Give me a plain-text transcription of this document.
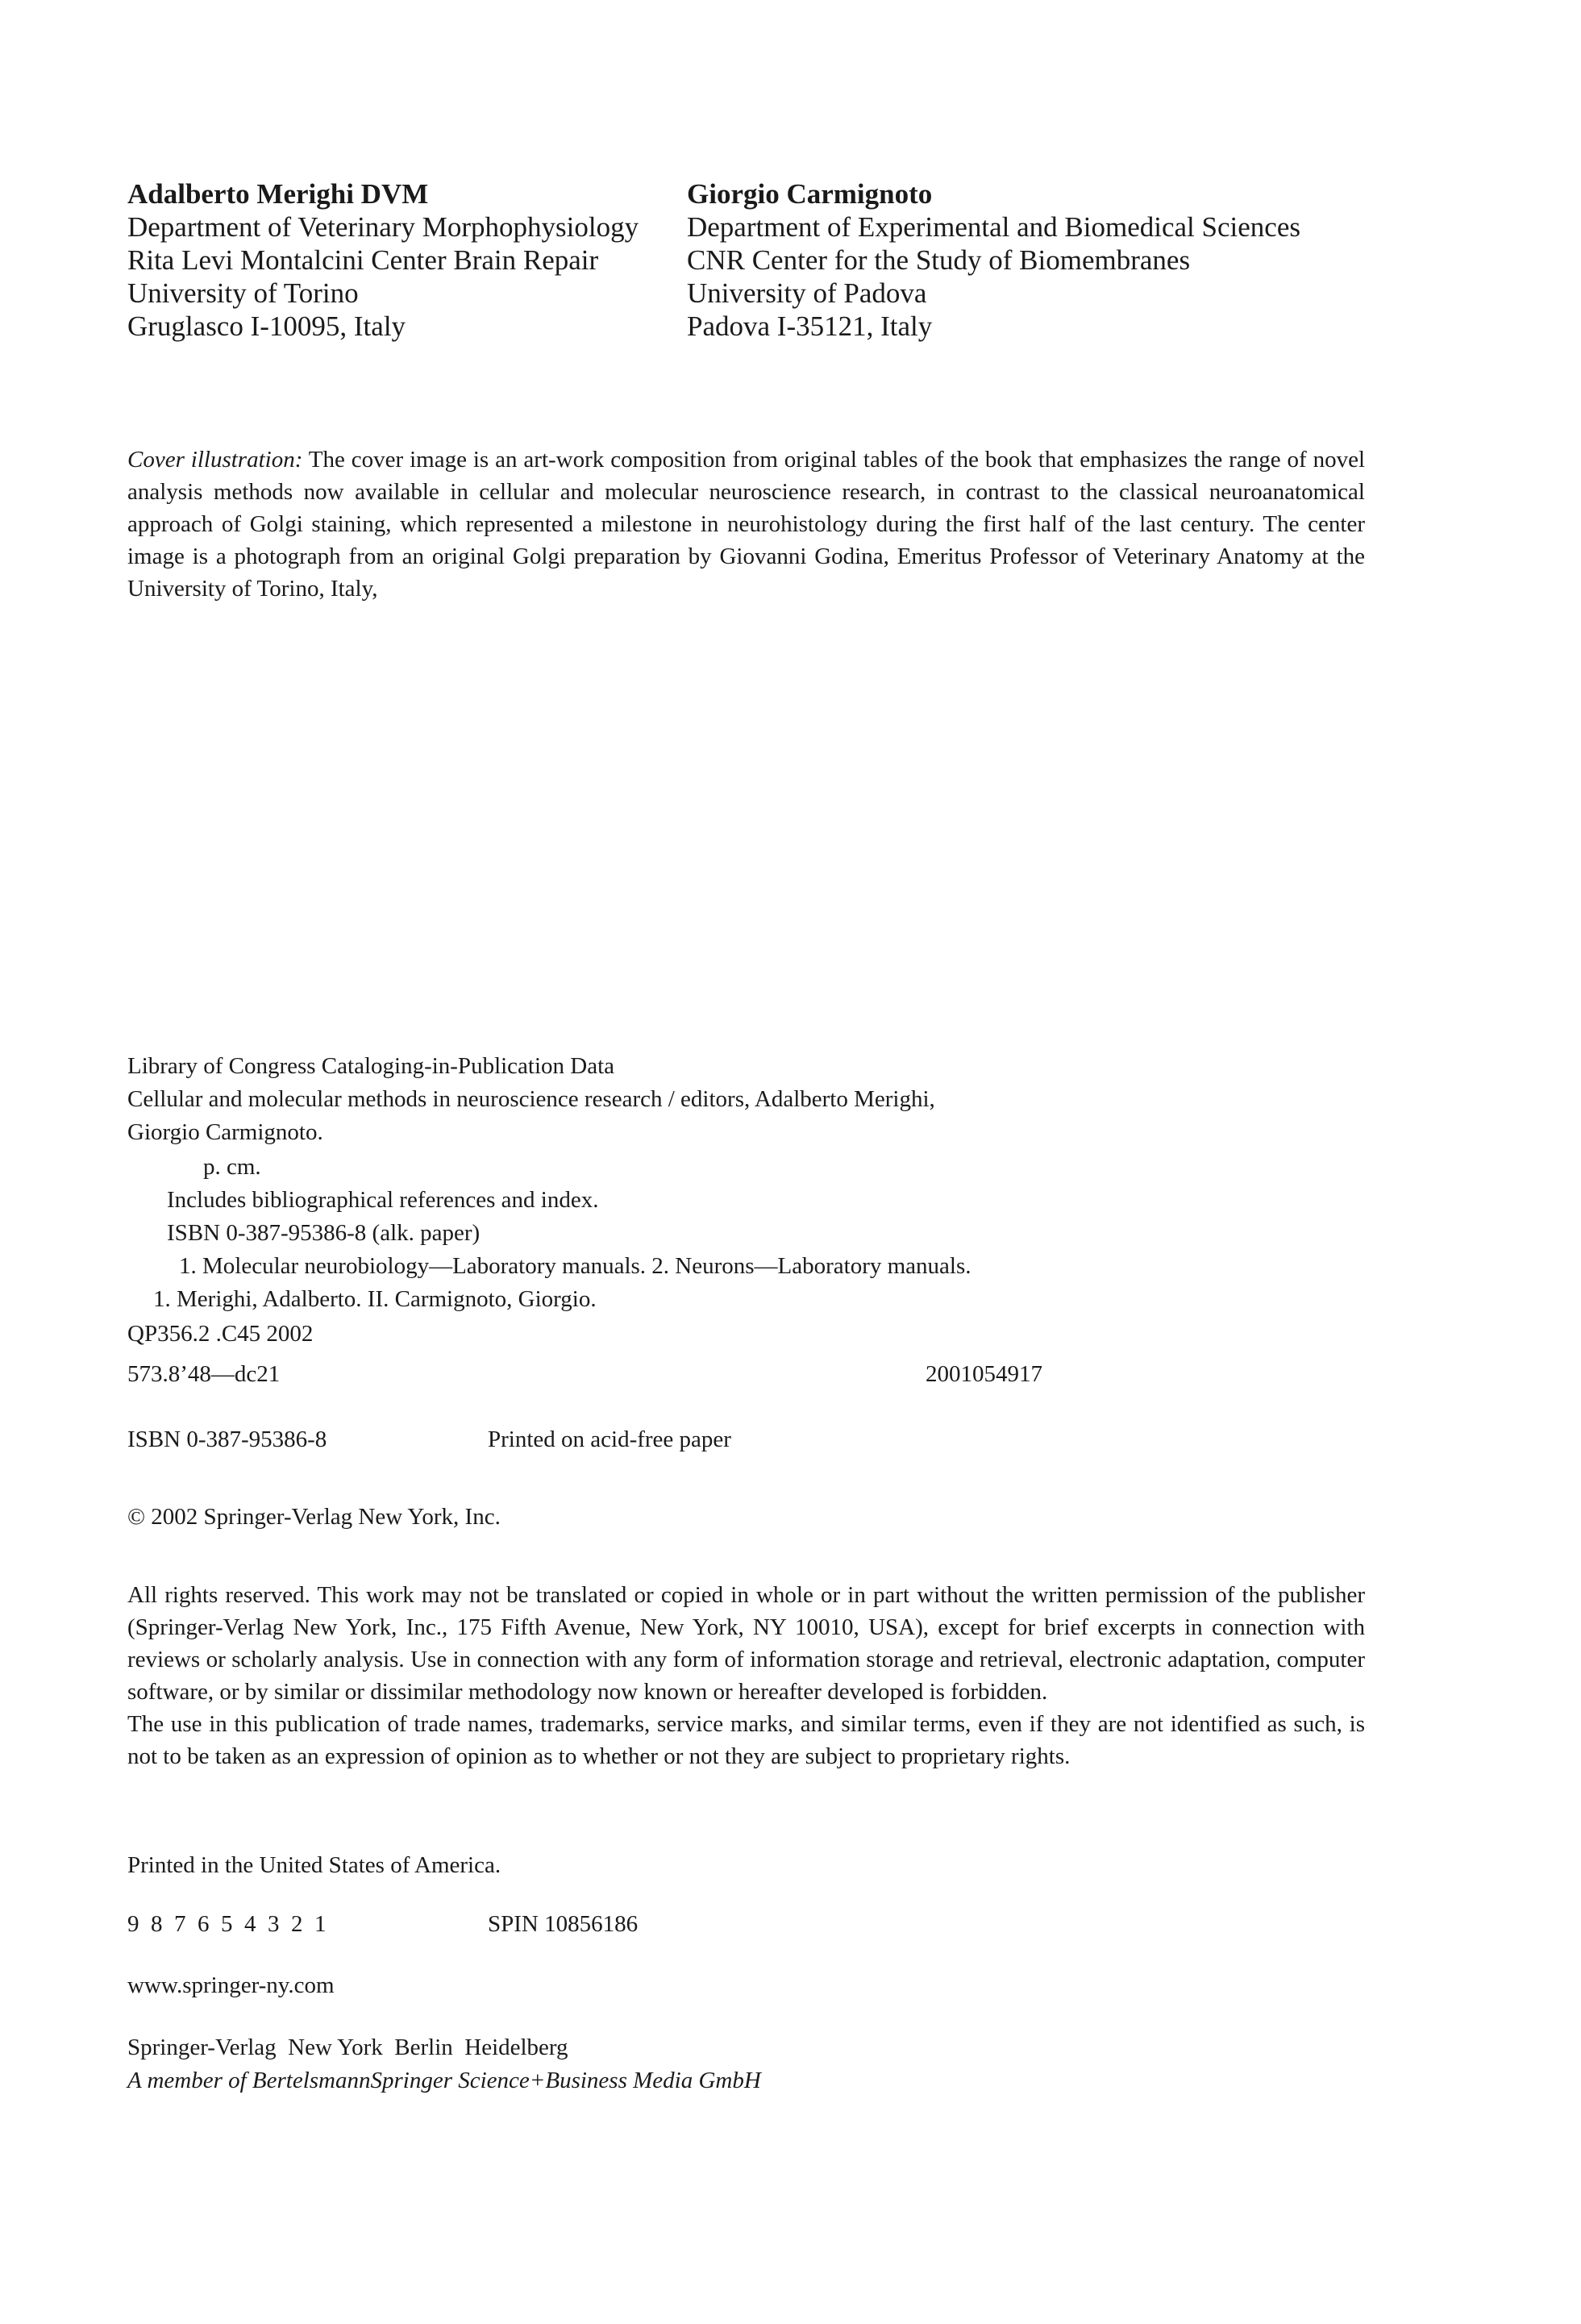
Adalberto Merighi DVM
Department of Veterinary Morphophysiology
Rita Levi Montalcini Center Brain Repair
University of Torino
Gruglasco I-10095, Italy
Giorgio Carmignoto
Department of Experimental and Biomedical Sciences
CNR Center for the Study of Biomembranes
University of Padova
Padova I-35121, Italy

Cover illustration: The cover image is an art-work composition from original tables of the book that emphasizes the range of novel analysis methods now available in cellular and molecular neuroscience research, in contrast to the classical neuroanatomical approach of Golgi staining, which represented a milestone in neurohistology during the first half of the last century. The center image is a photograph from an original Golgi preparation by Giovanni Godina, Emeritus Professor of Veterinary Anatomy at the University of Torino, Italy,

Library of Congress Cataloging-in-Publication Data
Cellular and molecular methods in neuroscience research / editors, Adalberto Merighi,
Giorgio Carmignoto.
p. cm.
Includes bibliographical references and index.
ISBN 0-387-95386-8 (alk. paper)
1. Molecular neurobiology—Laboratory manuals. 2. Neurons—Laboratory manuals.
1. Merighi, Adalberto. II. Carmignoto, Giorgio.
QP356.2 .C45 2002
573.8’48—dc21	2001054917
ISBN 0-387-95386-8	Printed on acid-free paper
© 2002 Springer-Verlag New York, Inc.

All rights reserved. This work may not be translated or copied in whole or in part without the written permission of the publisher (Springer-Verlag New York, Inc., 175 Fifth Avenue, New York, NY 10010, USA), except for brief excerpts in connection with reviews or scholarly analysis. Use in connection with any form of information storage and retrieval, electronic adaptation, computer software, or by similar or dissimilar methodology now known or hereafter developed is forbidden.

The use in this publication of trade names, trademarks, service marks, and similar terms, even if they are not identified as such, is not to be taken as an expression of opinion as to whether or not they are subject to proprietary rights.

Printed in the United States of America.
9  8  7  6  5  4  3  2  1	SPIN 10856186
www.springer-ny.com
Springer-Verlag  New York  Berlin  Heidelberg
A member of BertelsmannSpringer Science+Business Media GmbH
